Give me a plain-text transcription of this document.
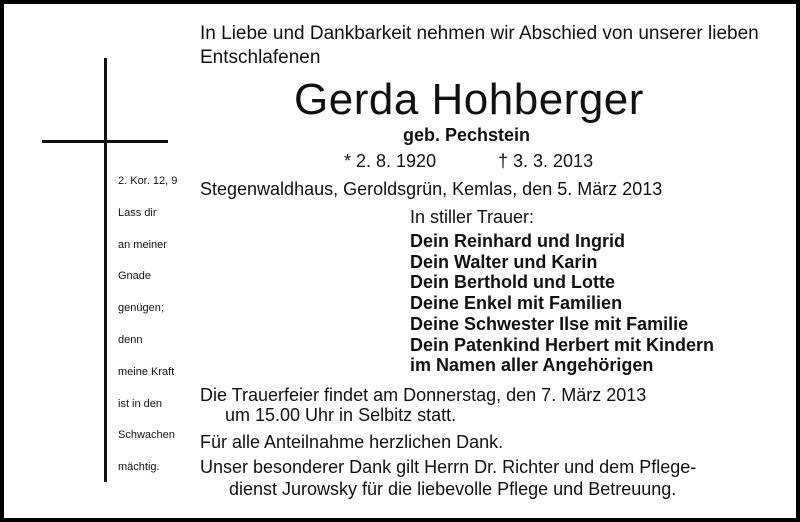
In Liebe und Dankbarkeit nehmen wir Abschied von unserer lieben Entschlafenen
Gerda Hohberger
geb. Pechstein
* 2. 8. 1920	† 3. 3. 2013
Stegenwaldhaus, Geroldsgrün, Kemlas, den 5. März 2013
In stiller Trauer:
Dein Reinhard und Ingrid
Dein Walter und Karin
Dein Berthold und Lotte
Deine Enkel mit Familien
Deine Schwester Ilse mit Familie
Dein Patenkind Herbert mit Kindern
im Namen aller Angehörigen
Die Trauerfeier findet am Donnerstag, den 7. März 2013
um 15.00 Uhr in Selbitz statt.
Für alle Anteilnahme herzlichen Dank.
Unser besonderer Dank gilt Herrn Dr. Richter und dem Pflege-
dienst Jurowsky für die liebevolle Pflege und Betreuung.
2. Kor. 12, 9
Lass dir
an meiner
Gnade
genügen;
denn
meine Kraft
ist in den
Schwachen
mächtig.
